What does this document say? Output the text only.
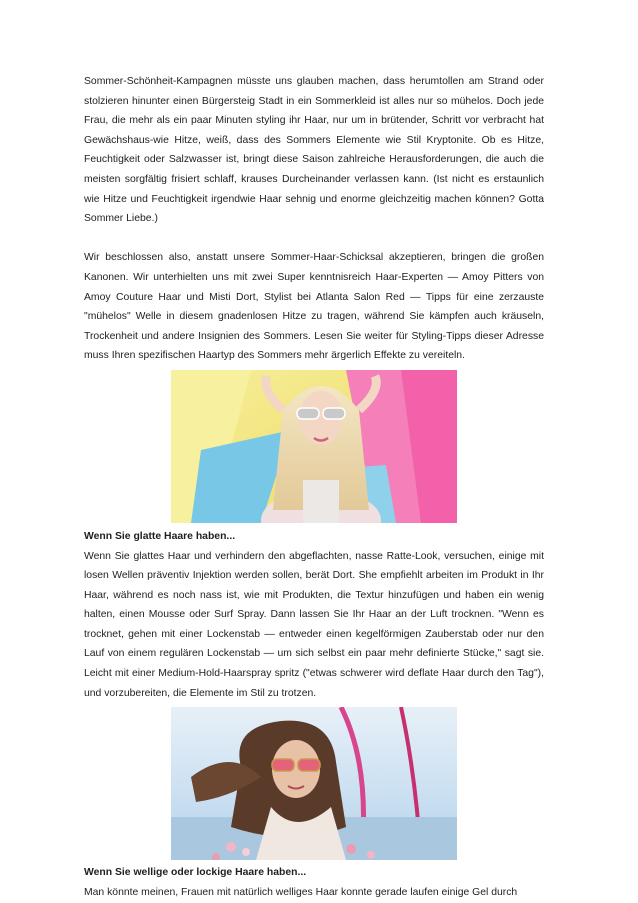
Sommer-Schönheit-Kampagnen müsste uns glauben machen, dass herumtollen am Strand oder stolzieren hinunter einen Bürgersteig Stadt in ein Sommerkleid ist alles nur so mühelos. Doch jede Frau, die mehr als ein paar Minuten styling ihr Haar, nur um in brütender, Schritt vor verbracht hat Gewächshaus-wie Hitze, weiß, dass des Sommers Elemente wie Stil Kryptonite. Ob es Hitze, Feuchtigkeit oder Salzwasser ist, bringt diese Saison zahlreiche Herausforderungen, die auch die meisten sorgfältig frisiert schlaff, krauses Durcheinander verlassen kann. (Ist nicht es erstaunlich wie Hitze und Feuchtigkeit irgendwie Haar sehnig und enorme gleichzeitig machen können? Gotta Sommer Liebe.)

Wir beschlossen also, anstatt unsere Sommer-Haar-Schicksal akzeptieren, bringen die großen Kanonen. Wir unterhielten uns mit zwei Super kenntnisreich Haar-Experten — Amoy Pitters von Amoy Couture Haar und Misti Dort, Stylist bei Atlanta Salon Red — Tipps für eine zerzauste "mühelos" Welle in diesem gnadenlosen Hitze zu tragen, während Sie kämpfen auch kräuseln, Trockenheit und andere Insignien des Sommers. Lesen Sie weiter für Styling-Tipps dieser Adresse muss Ihren spezifischen Haartyp des Sommers mehr ärgerlich Effekte zu vereiteln.

Wenn Sie glatte Haare haben...

Wenn Sie glattes Haar und verhindern den abgeflachten, nasse Ratte-Look, versuchen, einige mit losen Wellen präventiv Injektion werden sollen, berät Dort. She empfiehlt arbeiten im Produkt in Ihr Haar, während es noch nass ist, wie mit Produkten, die Textur hinzufügen und haben ein wenig halten, einen Mousse oder Surf Spray. Dann lassen Sie Ihr Haar an der Luft trocknen. "Wenn es trocknet, gehen mit einer Lockenstab — entweder einen kegelförmigen Zauberstab oder nur den Lauf von einem regulären Lockenstab — um sich selbst ein paar mehr definierte Stücke," sagt sie. Leicht mit einer Medium-Hold-Haarspray spritz ("etwas schwerer wird deflate Haar durch den Tag"), und vorzubereiten, die Elemente im Stil zu trotzen.

Wenn Sie wellige oder lockige Haare haben...

Man könnte meinen, Frauen mit natürlich welliges Haar konnte gerade laufen einige Gel durch
